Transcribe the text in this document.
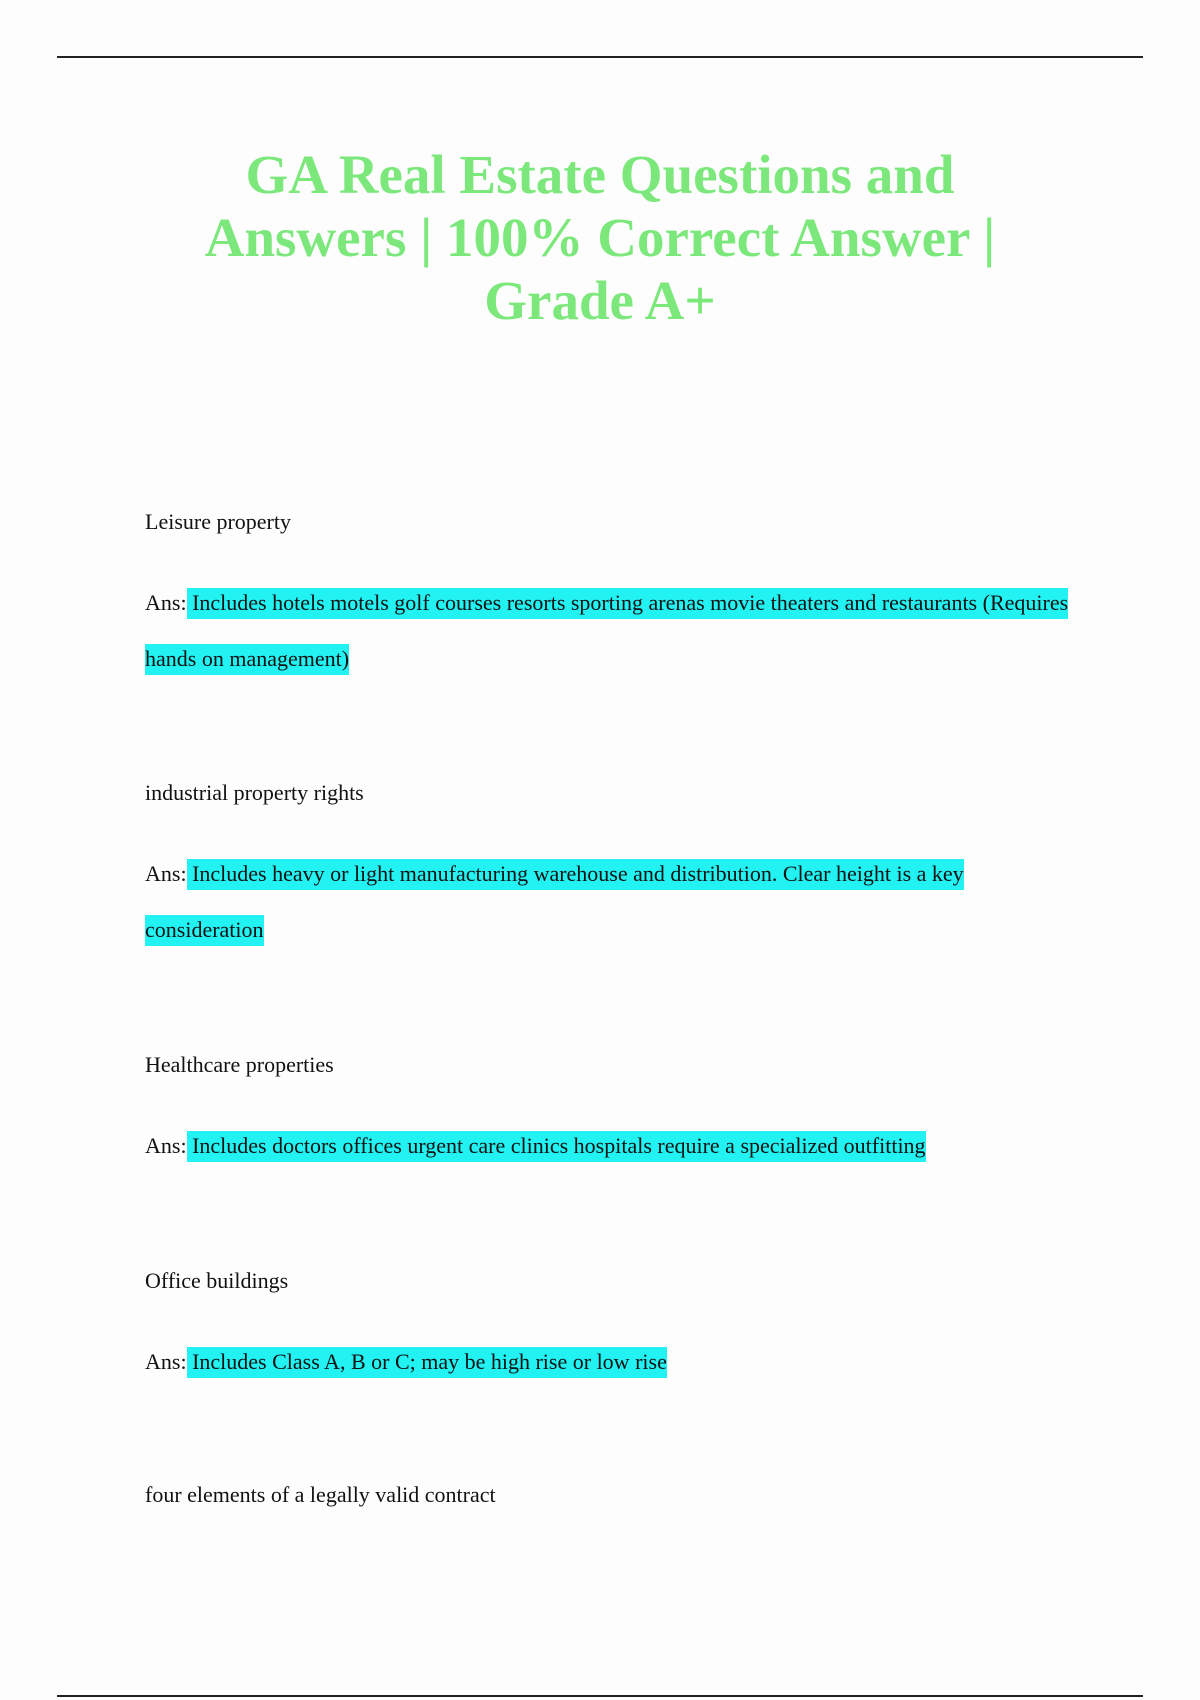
GA Real Estate Questions and Answers | 100% Correct Answer | Grade A+

Leisure property

Ans: Includes hotels motels golf courses resorts sporting arenas movie theaters and restaurants (Requires hands on management)

industrial property rights

Ans: Includes heavy or light manufacturing warehouse and distribution. Clear height is a key consideration

Healthcare properties

Ans: Includes doctors offices urgent care clinics hospitals require a specialized outfitting

Office buildings

Ans: Includes Class A, B or C; may be high rise or low rise

four elements of a legally valid contract
